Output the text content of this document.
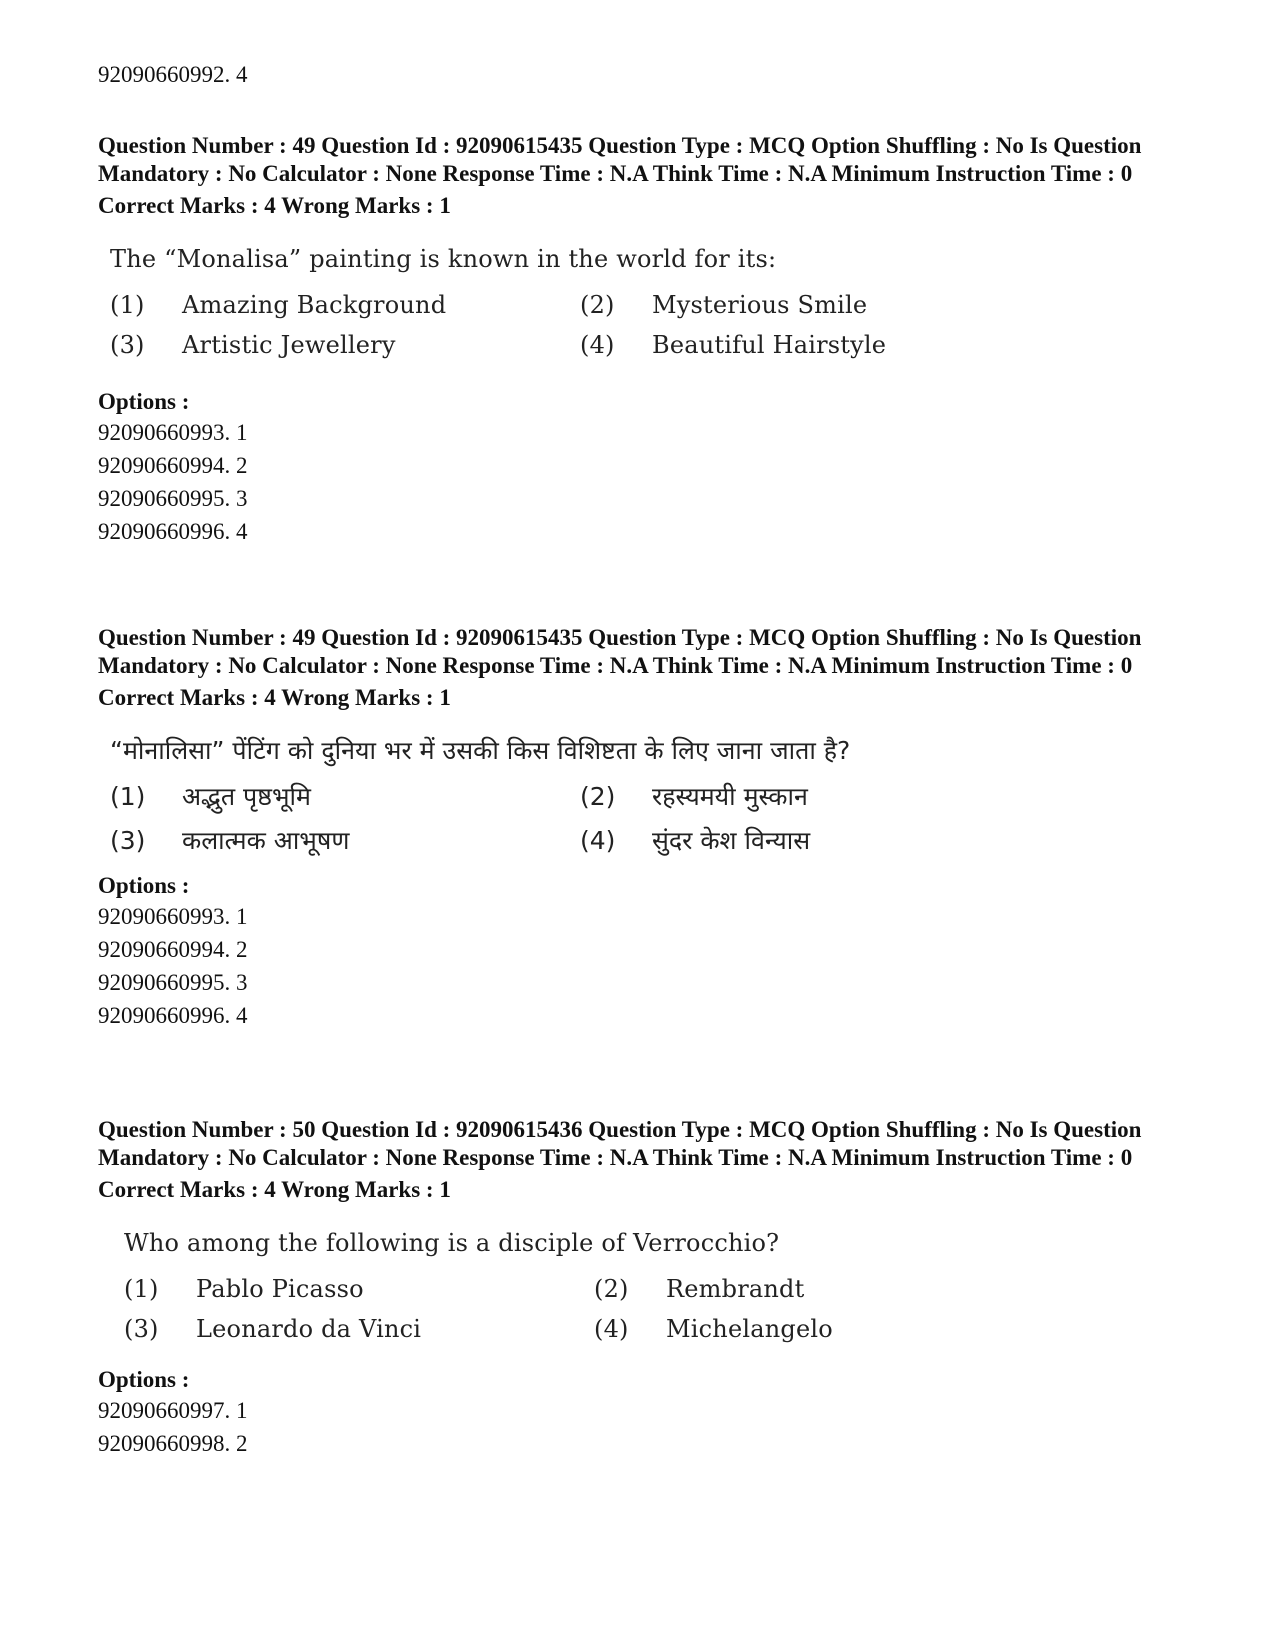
92090660992. 4
Question Number : 49 Question Id : 92090615435 Question Type : MCQ Option Shuffling : No Is Question Mandatory : No Calculator : None Response Time : N.A Think Time : N.A Minimum Instruction Time : 0
Correct Marks : 4 Wrong Marks : 1
The “Monalisa” painting is known in the world for its:
(1)	Amazing Background	(2)	Mysterious Smile
(3)	Artistic Jewellery	(4)	Beautiful Hairstyle
Options :
92090660993. 1
92090660994. 2
92090660995. 3
92090660996. 4
Question Number : 49 Question Id : 92090615435 Question Type : MCQ Option Shuffling : No Is Question Mandatory : No Calculator : None Response Time : N.A Think Time : N.A Minimum Instruction Time : 0
Correct Marks : 4 Wrong Marks : 1
“मोनालिसा” पेंटिंग को दुनिया भर में उसकी किस विशिष्टता के लिए जाना जाता है?
(1)	अद्भुत पृष्ठभूमि	(2)	रहस्यमयी मुस्कान
(3)	कलात्मक आभूषण	(4)	सुंदर केश विन्यास
Options :
92090660993. 1
92090660994. 2
92090660995. 3
92090660996. 4
Question Number : 50 Question Id : 92090615436 Question Type : MCQ Option Shuffling : No Is Question Mandatory : No Calculator : None Response Time : N.A Think Time : N.A Minimum Instruction Time : 0
Correct Marks : 4 Wrong Marks : 1
Who among the following is a disciple of Verrocchio?
(1)	Pablo Picasso	(2)	Rembrandt
(3)	Leonardo da Vinci	(4)	Michelangelo
Options :
92090660997. 1
92090660998. 2
